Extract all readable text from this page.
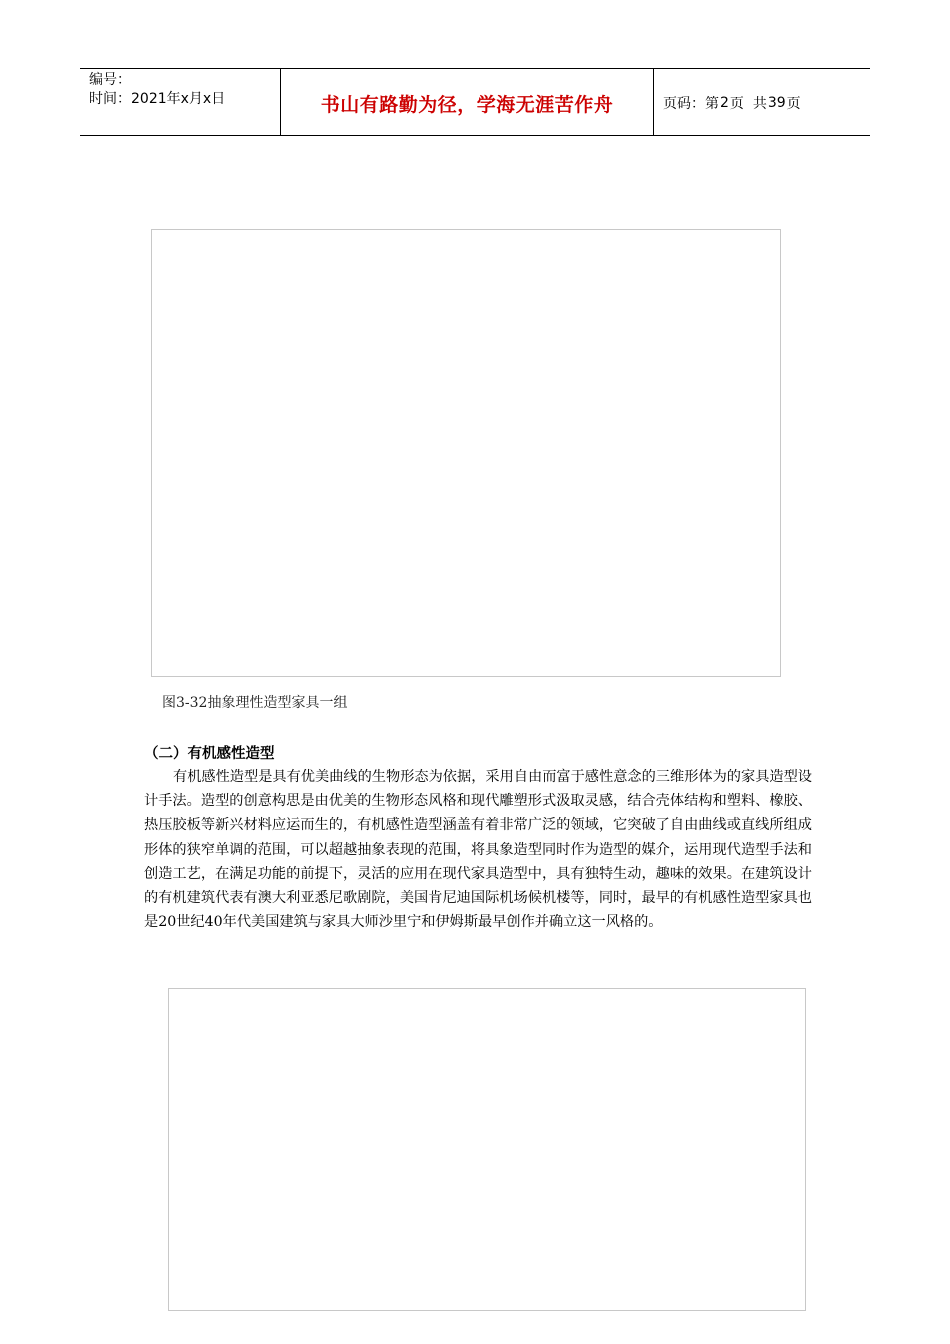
编号：
时间：2021年x月x日	书山有路勤为径，学海无涯苦作舟	页码：第 2 页  共 39 页
图3-32抽象理性造型家具一组
（二）有机感性造型

有机感性造型是具有优美曲线的生物形态为依据，采用自由而富于感性意念的三维形体为的家具造型设计手法。造型的创意构思是由优美的生物形态风格和现代雕塑形式汲取灵感，结合壳体结构和塑料、橡胶、热压胶板等新兴材料应运而生的，有机感性造型涵盖有着非常广泛的领域，它突破了自由曲线或直线所组成形体的狭窄单调的范围，可以超越抽象表现的范围，将具象造型同时作为造型的媒介，运用现代造型手法和创造工艺，在满足功能的前提下，灵活的应用在现代家具造型中，具有独特生动，趣味的效果。在建筑设计的有机建筑代表有澳大利亚悉尼歌剧院，美国肯尼迪国际机场候机楼等，同时，最早的有机感性造型家具也是20世纪40年代美国建筑与家具大师沙里宁和伊姆斯最早创作并确立这一风格的。
